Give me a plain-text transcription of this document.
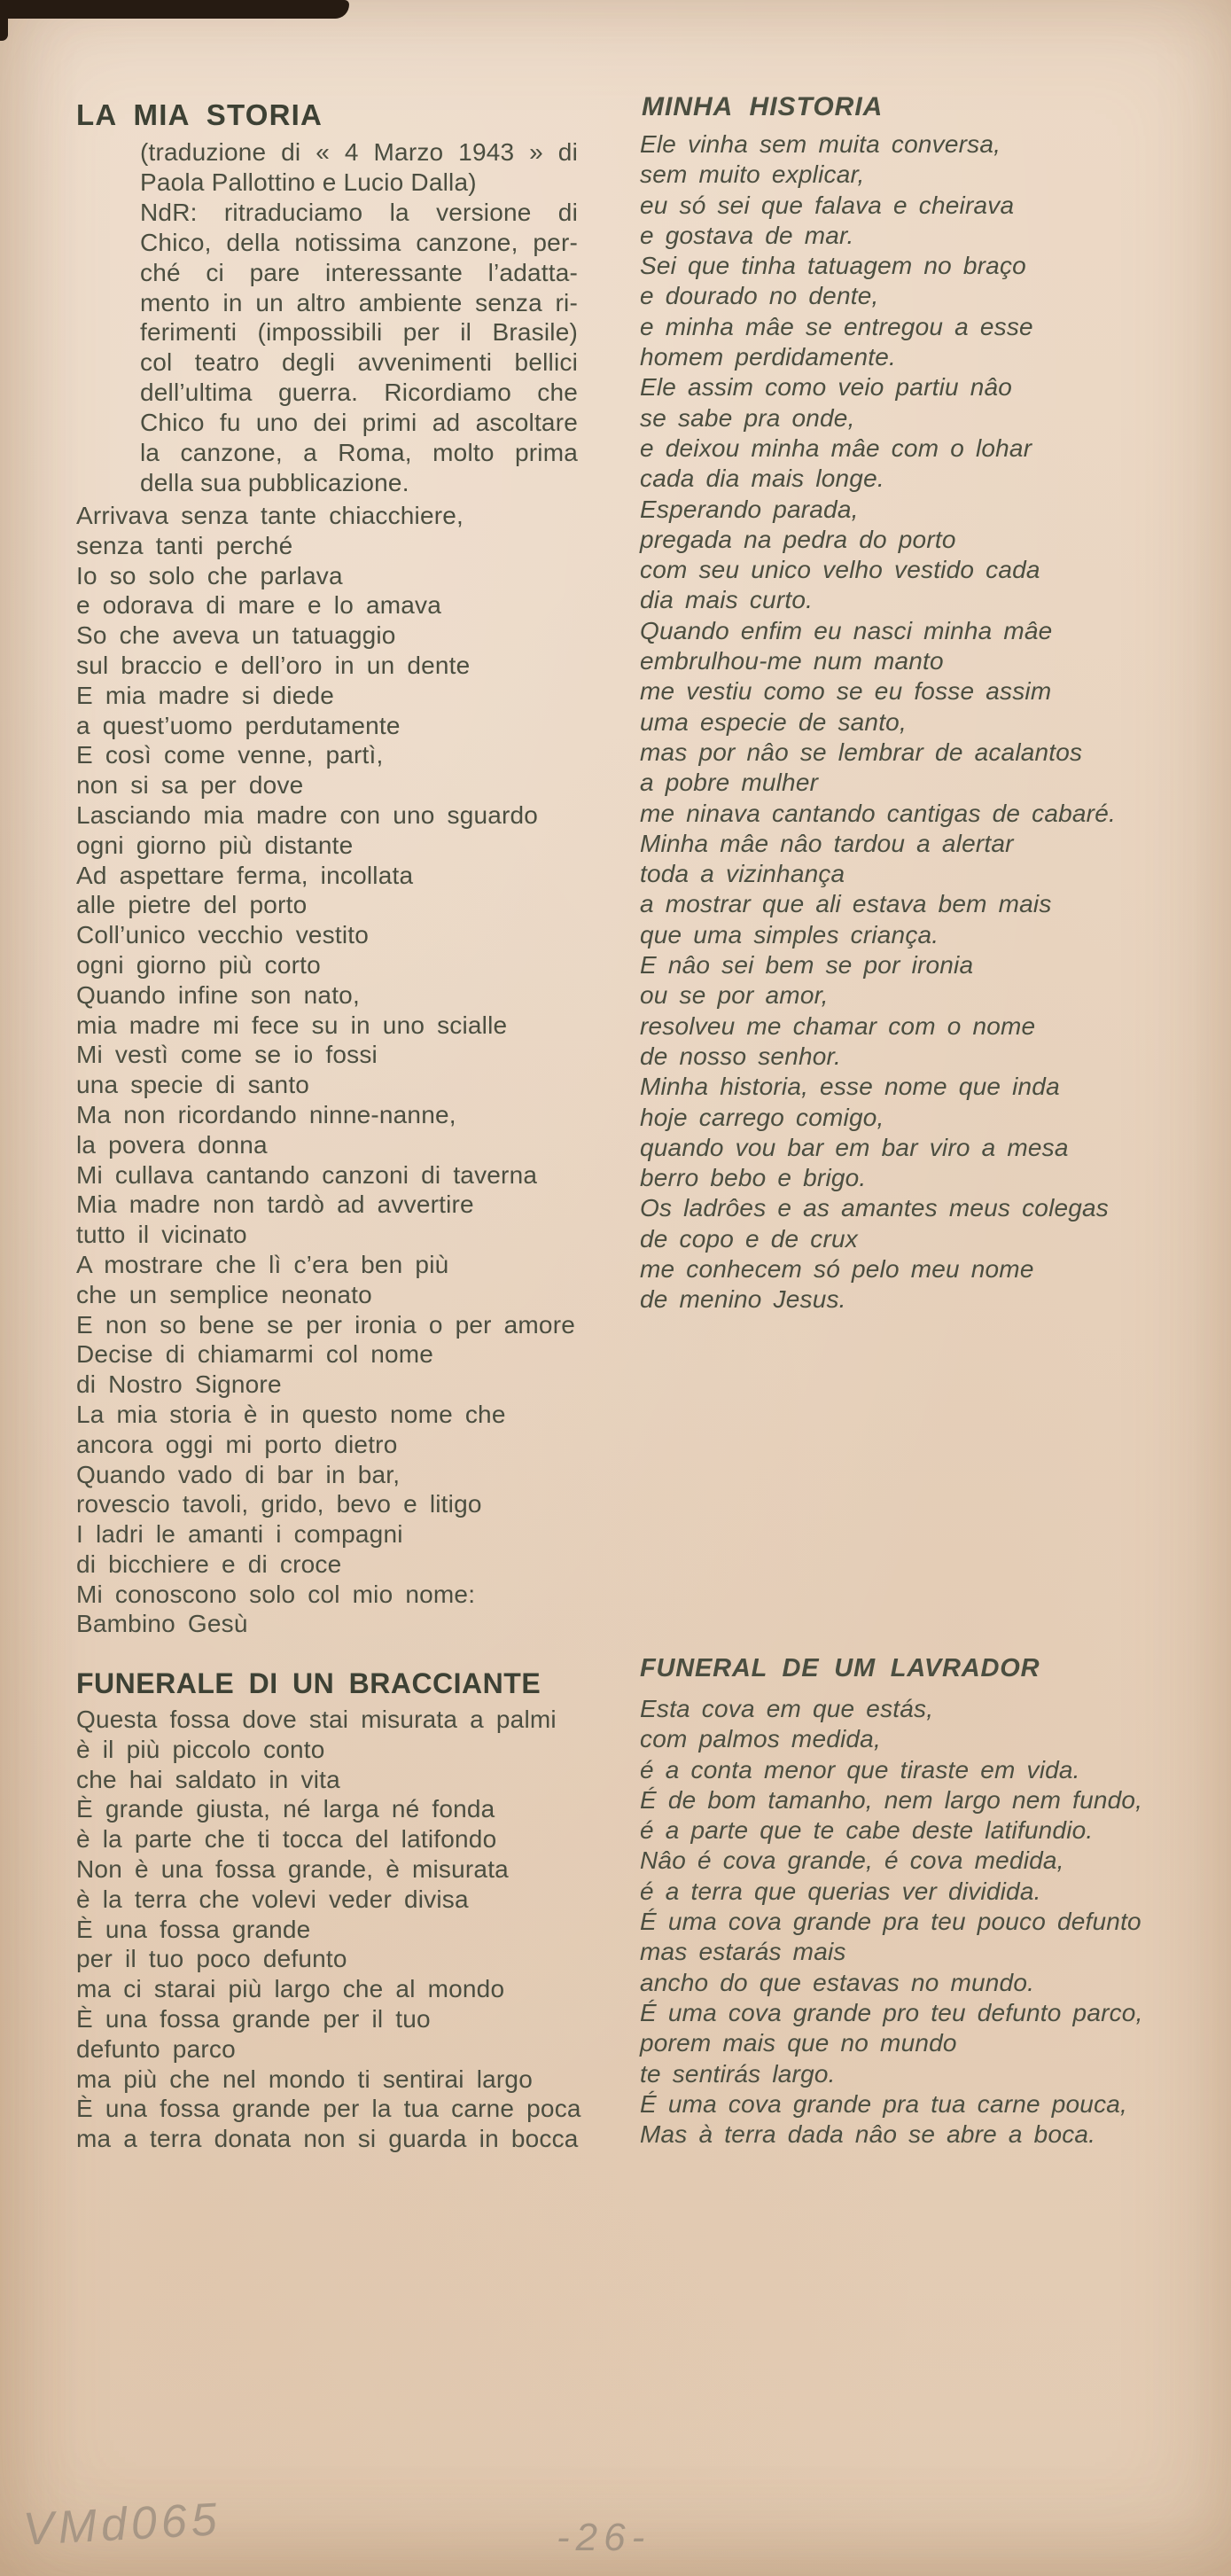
LA MIA STORIA
(traduzione di « 4 Marzo 1943 » di
Paola Pallottino e Lucio Dalla)
NdR: ritraduciamo la versione di
Chico, della notissima canzone, per-
ché ci pare interessante l’adatta-
mento in un altro ambiente senza ri-
ferimenti (impossibili per il Brasile)
col teatro degli avvenimenti bellici
dell’ultima guerra. Ricordiamo che
Chico fu uno dei primi ad ascoltare
la canzone, a Roma, molto prima
della sua pubblicazione.
Arrivava senza tante chiacchiere,
senza tanti perché
Io so solo che parlava
e odorava di mare e lo amava
So che aveva un tatuaggio
sul braccio e dell’oro in un dente
E mia madre si diede
a quest’uomo perdutamente
E così come venne, partì,
non si sa per dove
Lasciando mia madre con uno sguardo
ogni giorno più distante
Ad aspettare ferma, incollata
alle pietre del porto
Coll’unico vecchio vestito
ogni giorno più corto
Quando infine son nato,
mia madre mi fece su in uno scialle
Mi vestì come se io fossi
una specie di santo
Ma non ricordando ninne-nanne,
la povera donna
Mi cullava cantando canzoni di taverna
Mia madre non tardò ad avvertire
tutto il vicinato
A mostrare che lì c’era ben più
che un semplice neonato
E non so bene se per ironia o per amore
Decise di chiamarmi col nome
di Nostro Signore
La mia storia è in questo nome che
ancora oggi mi porto dietro
Quando vado di bar in bar,
rovescio tavoli, grido, bevo e litigo
I ladri le amanti i compagni
di bicchiere e di croce
Mi conoscono solo col mio nome:
Bambino Gesù
FUNERALE DI UN BRACCIANTE
Questa fossa dove stai misurata a palmi
è il più piccolo conto
che hai saldato in vita
È grande giusta, né larga né fonda
è la parte che ti tocca del latifondo
Non è una fossa grande, è misurata
è la terra che volevi veder divisa
È una fossa grande
per il tuo poco defunto
ma ci starai più largo che al mondo
È una fossa grande per il tuo
defunto parco
ma più che nel mondo ti sentirai largo
È una fossa grande per la tua carne poca
ma a terra donata non si guarda in bocca
MINHA HISTORIA
Ele vinha sem muita conversa,
sem muito explicar,
eu só sei que falava e cheirava
e gostava de mar.
Sei que tinha tatuagem no braço
e dourado no dente,
e minha mâe se entregou a esse
homem perdidamente.
Ele assim como veio partiu nâo
se sabe pra onde,
e deixou minha mâe com o lohar
cada dia mais longe.
Esperando parada,
pregada na pedra do porto
com seu unico velho vestido cada
dia mais curto.
Quando enfim eu nasci minha mâe
embrulhou-me num manto
me vestiu como se eu fosse assim
uma especie de santo,
mas por nâo se lembrar de acalantos
a pobre mulher
me ninava cantando cantigas de cabaré.
Minha mâe nâo tardou a alertar
toda a vizinhança
a mostrar que ali estava bem mais
que uma simples criança.
E nâo sei bem se por ironia
ou se por amor,
resolveu me chamar com o nome
de nosso senhor.
Minha historia, esse nome que inda
hoje carrego comigo,
quando vou bar em bar viro a mesa
berro bebo e brigo.
Os ladrôes e as amantes meus colegas
de copo e de crux
me conhecem só pelo meu nome
de menino Jesus.
FUNERAL DE UM LAVRADOR
Esta cova em que estás,
com palmos medida,
é a conta menor que tiraste em vida.
É de bom tamanho, nem largo nem fundo,
é a parte que te cabe deste latifundio.
Nâo é cova grande, é cova medida,
é a terra que querias ver dividida.
É uma cova grande pra teu pouco defunto
mas estarás mais
ancho do que estavas no mundo.
É uma cova grande pro teu defunto parco,
porem mais que no mundo
te sentirás largo.
É uma cova grande pra tua carne pouca,
Mas à terra dada nâo se abre a boca.
VMd065	-26-
